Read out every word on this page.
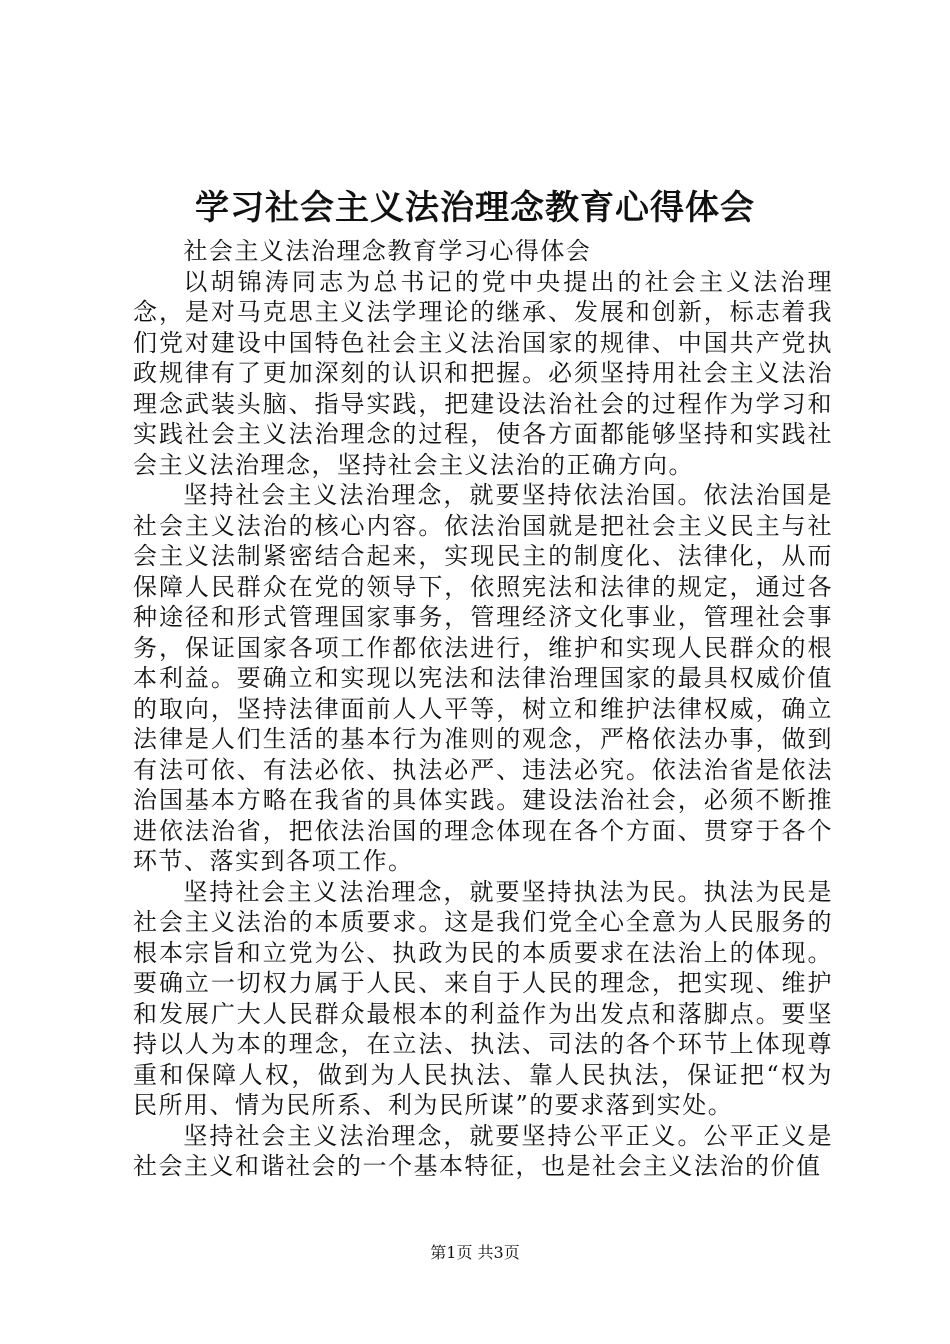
学习社会主义法治理念教育心得体会

社会主义法治理念教育学习心得体会

以胡锦涛同志为总书记的党中央提出的社会主义法治理念，是对马克思主义法学理论的继承、发展和创新，标志着我们党对建设中国特色社会主义法治国家的规律、中国共产党执政规律有了更加深刻的认识和把握。必须坚持用社会主义法治理念武装头脑、指导实践，把建设法治社会的过程作为学习和实践社会主义法治理念的过程，使各方面都能够坚持和实践社会主义法治理念，坚持社会主义法治的正确方向。

坚持社会主义法治理念，就要坚持依法治国。依法治国是社会主义法治的核心内容。依法治国就是把社会主义民主与社会主义法制紧密结合起来，实现民主的制度化、法律化，从而保障人民群众在党的领导下，依照宪法和法律的规定，通过各种途径和形式管理国家事务，管理经济文化事业，管理社会事务，保证国家各项工作都依法进行，维护和实现人民群众的根本利益。要确立和实现以宪法和法律治理国家的最具权威价值的取向，坚持法律面前人人平等，树立和维护法律权威，确立法律是人们生活的基本行为准则的观念，严格依法办事，做到有法可依、有法必依、执法必严、违法必究。依法治省是依法治国基本方略在我省的具体实践。建设法治社会，必须不断推进依法治省，把依法治国的理念体现在各个方面、贯穿于各个环节、落实到各项工作。

坚持社会主义法治理念，就要坚持执法为民。执法为民是社会主义法治的本质要求。这是我们党全心全意为人民服务的根本宗旨和立党为公、执政为民的本质要求在法治上的体现。要确立一切权力属于人民、来自于人民的理念，把实现、维护和发展广大人民群众最根本的利益作为出发点和落脚点。要坚持以人为本的理念，在立法、执法、司法的各个环节上体现尊重和保障人权，做到为人民执法、靠人民执法，保证把“权为民所用、情为民所系、利为民所谋”的要求落到实处。

坚持社会主义法治理念，就要坚持公平正义。公平正义是社会主义和谐社会的一个基本特征，也是社会主义法治的价值

第1页 共3页
